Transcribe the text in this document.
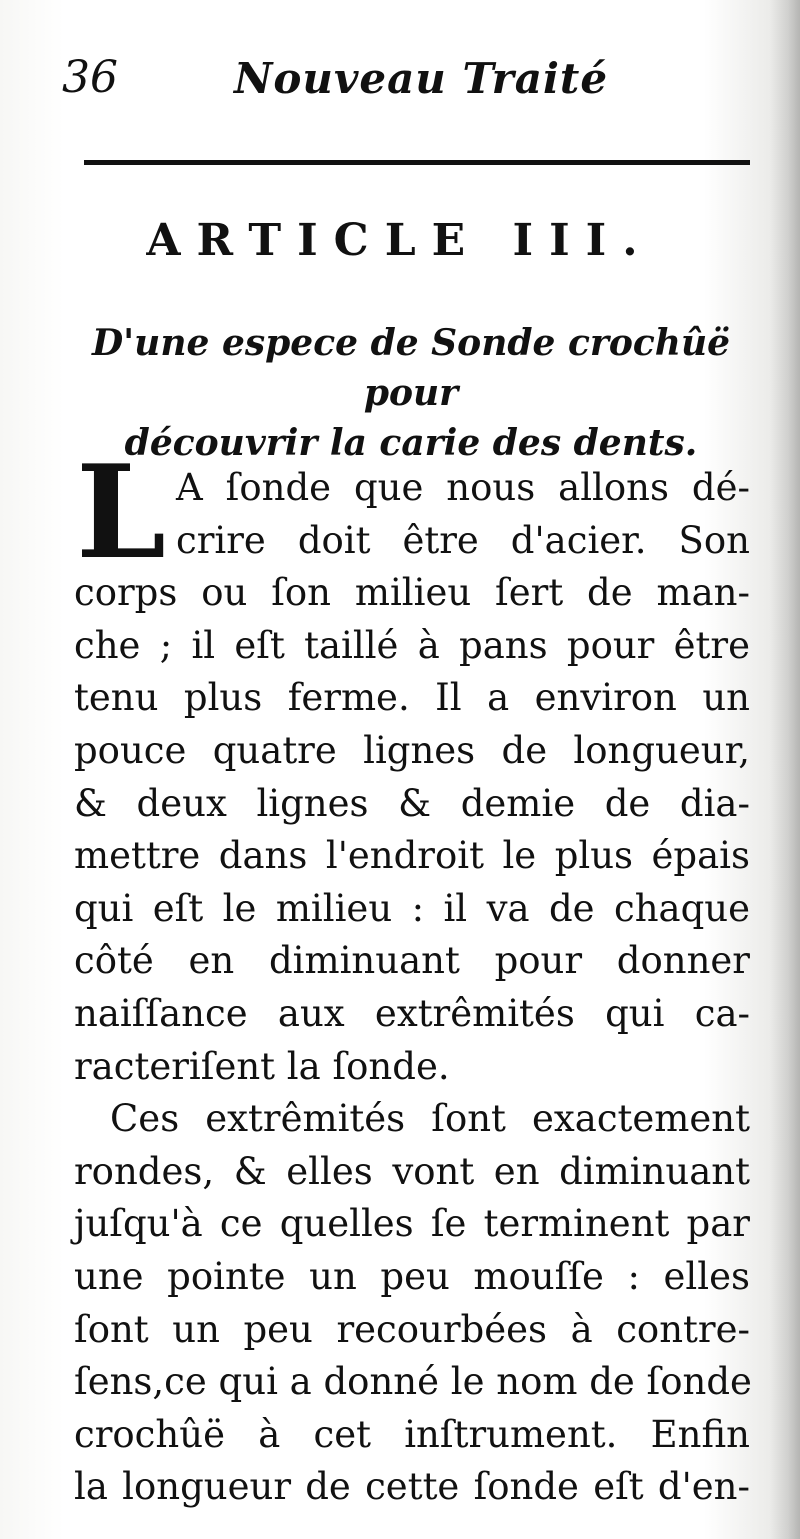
36	Nouveau Traité
ARTICLE III.
D'une espece de Sonde crochûë pour
découvrir la carie des dents.
L A ſonde que nous allons dé-
crire doit être d'acier. Son
corps ou ſon milieu ſert de man-
che ; il eſt taillé à pans pour être
tenu plus ferme. Il a environ un
pouce quatre lignes de longueur,
& deux lignes & demie de dia-
mettre dans l'endroit le plus épais
qui eſt le milieu : il va de chaque
côté en diminuant pour donner
naiſſance aux extrêmités qui ca-
racteriſent la ſonde.
Ces extrêmités ſont exactement
rondes, & elles vont en diminuant
juſqu'à ce quelles ſe terminent par
une pointe un peu mouſſe : elles
ſont un peu recourbées à contre-
ſens,ce qui a donné le nom de ſonde
crochûë à cet inſtrument. Enfin
la longueur de cette ſonde eſt d'en-
